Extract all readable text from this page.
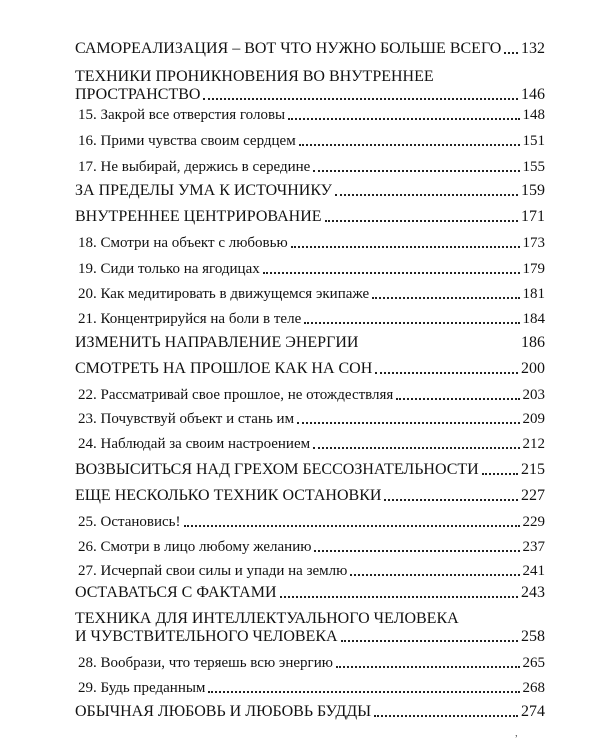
САМОРЕАЛИЗАЦИЯ – ВОТ ЧТО НУЖНО БОЛЬШЕ ВСЕГО 132
ТЕХНИКИ ПРОНИКНОВЕНИЯ ВО ВНУТРЕННЕЕ
ПРОСТРАНСТВО	146
15. Закрой все отверстия головы	148
16. Прими чувства своим сердцем	151
17. Не выбирай, держись в середине	155
ЗА ПРЕДЕЛЫ УМА К ИСТОЧНИКУ	159
ВНУТРЕННЕЕ ЦЕНТРИРОВАНИЕ	171
18. Смотри на объект с любовью	173
19. Сиди только на ягодицах	179
20. Как медитировать в движущемся экипаже	181
21. Концентрируйся на боли в теле	184
ИЗМЕНИТЬ НАПРАВЛЕНИЕ ЭНЕРГИИ	186
СМОТРЕТЬ НА ПРОШЛОЕ КАК НА СОН	200
22. Рассматривай свое прошлое, не отождествляя	203
23. Почувствуй объект и стань им	209
24. Наблюдай за своим настроением	212
ВОЗВЫСИТЬСЯ НАД ГРЕХОМ БЕССОЗНАТЕЛЬНОСТИ	215
ЕЩЕ НЕСКОЛЬКО ТЕХНИК ОСТАНОВКИ	227
25. Остановись!	229
26. Смотри в лицо любому желанию	237
27. Исчерпай свои силы и упади на землю	241
ОСТАВАТЬСЯ С ФАКТАМИ	243
ТЕХНИКА ДЛЯ ИНТЕЛЛЕКТУАЛЬНОГО ЧЕЛОВЕКА
И ЧУВСТВИТЕЛЬНОГО ЧЕЛОВЕКА	258
28. Вообрази, что теряешь всю энергию	265
29. Будь преданным	268
ОБЫЧНАЯ ЛЮБОВЬ И ЛЮБОВЬ БУДДЫ	274
,
